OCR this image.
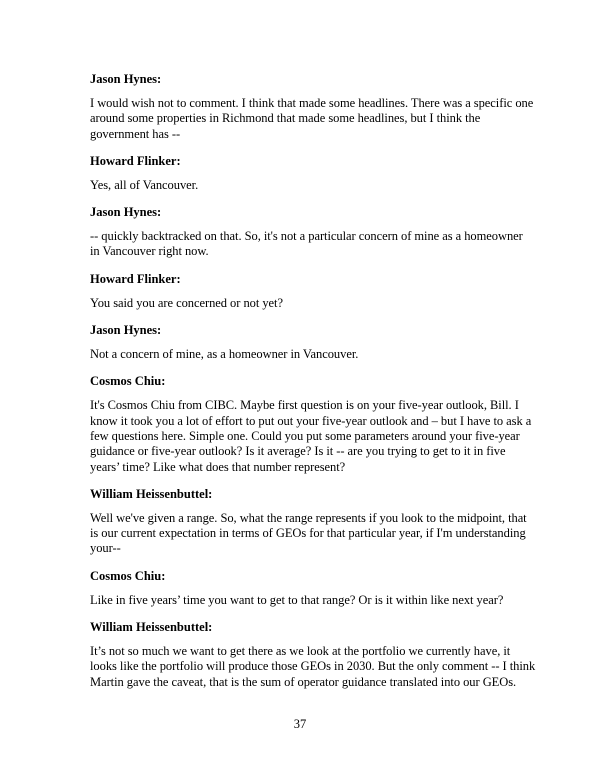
Jason Hynes:
I would wish not to comment. I think that made some headlines. There was a specific one
around some properties in Richmond that made some headlines, but I think the
government has --
Howard Flinker:
Yes, all of Vancouver.
Jason Hynes:
-- quickly backtracked on that. So, it's not a particular concern of mine as a homeowner
in Vancouver right now.
Howard Flinker:
You said you are concerned or not yet?
Jason Hynes:
Not a concern of mine, as a homeowner in Vancouver.
Cosmos Chiu:
It's Cosmos Chiu from CIBC. Maybe first question is on your five-year outlook, Bill. I
know it took you a lot of effort to put out your five-year outlook and – but I have to ask a
few questions here. Simple one. Could you put some parameters around your five-year
guidance or five-year outlook? Is it average? Is it -- are you trying to get to it in five
years’ time? Like what does that number represent?
William Heissenbuttel:
Well we've given a range. So, what the range represents if you look to the midpoint, that
is our current expectation in terms of GEOs for that particular year, if I'm understanding
your--
Cosmos Chiu:
Like in five years’ time you want to get to that range? Or is it within like next year?
William Heissenbuttel:
It’s not so much we want to get there as we look at the portfolio we currently have, it
looks like the portfolio will produce those GEOs in 2030. But the only comment -- I think
Martin gave the caveat, that is the sum of operator guidance translated into our GEOs.
37
